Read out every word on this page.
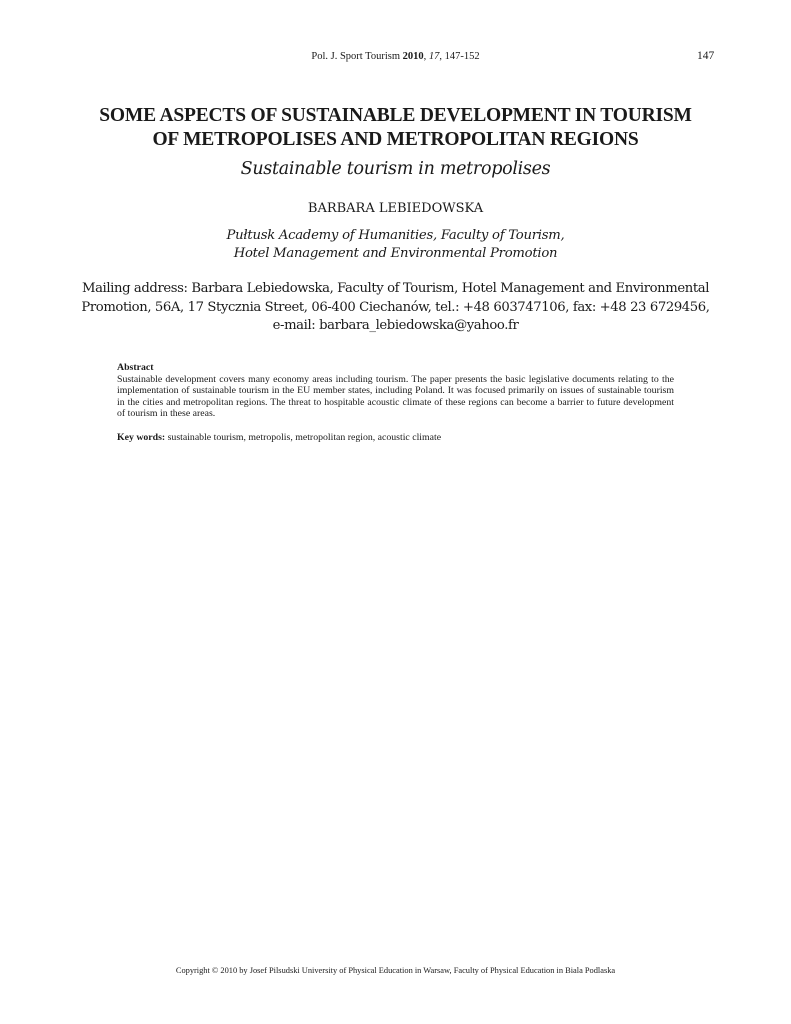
Pol. J. Sport Tourism 2010, 17, 147-152	147
SOME ASPECTS OF SUSTAINABLE DEVELOPMENT IN TOURISM
OF METROPOLISES AND METROPOLITAN REGIONS
Sustainable tourism in metropolises
BARBARA LEBIEDOWSKA
Pułtusk Academy of Humanities, Faculty of Tourism,
Hotel Management and Environmental Promotion
Mailing address: Barbara Lebiedowska, Faculty of Tourism, Hotel Management and Environmental
Promotion, 56A, 17 Stycznia Street, 06-400 Ciechanów, tel.: +48 603747106, fax: +48 23 6729456,
e-mail: barbara_lebiedowska@yahoo.fr
Abstract
Sustainable development covers many economy areas including tourism. The paper presents the basic legislative documents relating to the implementation of sustainable tourism in the EU member states, including Poland. It was focused primarily on issues of sustainable tourism in the cities and metropolitan regions. The threat to hospitable acoustic climate of these regions can become a barrier to future development of tourism in these areas.
Key words: sustainable tourism, metropolis, metropolitan region, acoustic climate
Copyright © 2010 by Josef Pilsudski University of Physical Education in Warsaw, Faculty of Physical Education in Biala Podlaska
